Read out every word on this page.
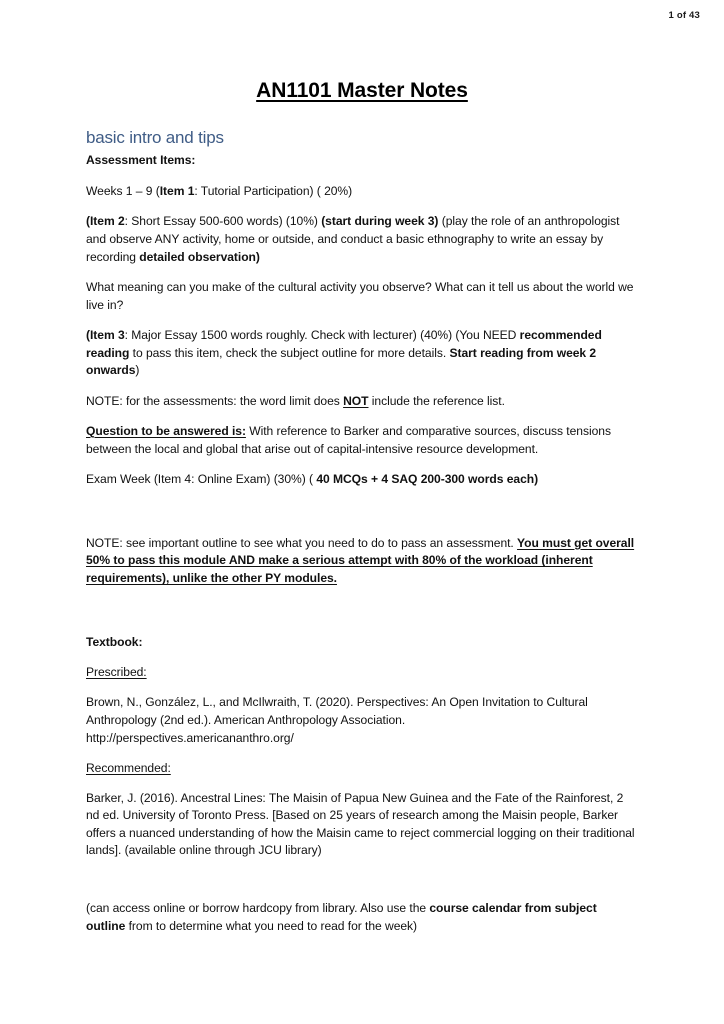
1 of 43
AN1101 Master Notes
basic intro and tips

Assessment Items:

Weeks 1 – 9 (Item 1: Tutorial Participation) ( 20%)

(Item 2: Short Essay 500-600 words) (10%) (start during week 3) (play the role of an anthropologist and observe ANY activity, home or outside, and conduct a basic ethnography to write an essay by recording detailed observation)

What meaning can you make of the cultural activity you observe? What can it tell us about the world we live in?

(Item 3: Major Essay 1500 words roughly. Check with lecturer) (40%) (You NEED recommended reading to pass this item, check the subject outline for more details. Start reading from week 2 onwards)

NOTE: for the assessments: the word limit does NOT include the reference list.

Question to be answered is: With reference to Barker and comparative sources, discuss tensions between the local and global that arise out of capital-intensive resource development.

Exam Week (Item 4: Online Exam) (30%) ( 40 MCQs + 4 SAQ 200-300 words each)

NOTE: see important outline to see what you need to do to pass an assessment. You must get overall 50% to pass this module AND make a serious attempt with 80% of the workload (inherent requirements), unlike the other PY modules.

Textbook:

Prescribed:

Brown, N., González, L., and McIlwraith, T. (2020). Perspectives: An Open Invitation to Cultural
Anthropology (2nd ed.). American Anthropology Association.
http://perspectives.americananthro.org/

Recommended:

Barker, J. (2016). Ancestral Lines: The Maisin of Papua New Guinea and the Fate of the Rainforest, 2
nd ed. University of Toronto Press. [Based on 25 years of research among the Maisin people, Barker offers a nuanced understanding of how the Maisin came to reject commercial logging on their traditional lands]. (available online through JCU library)

(can access online or borrow hardcopy from library. Also use the course calendar from subject outline from to determine what you need to read for the week)
